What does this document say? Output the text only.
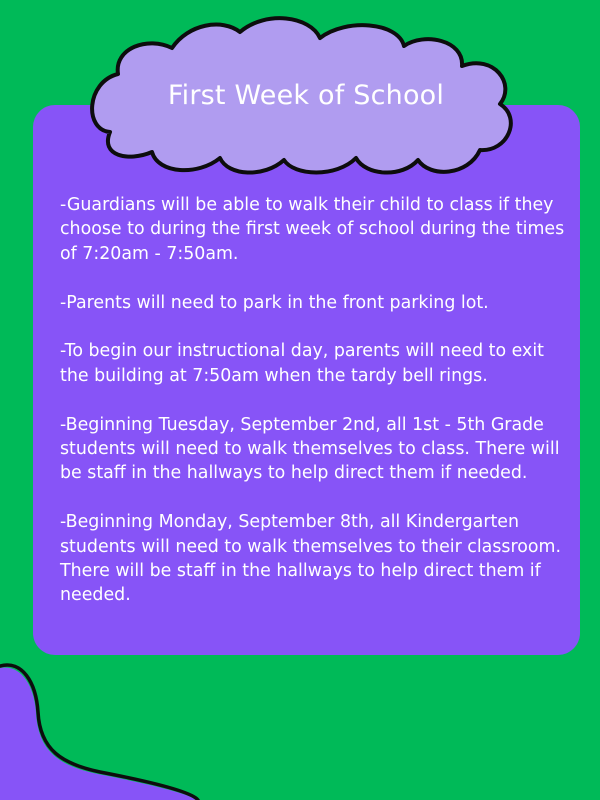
First Week of School

-Guardians will be able to walk their child to class if they choose to during the first week of school during the times of 7:20am - 7:50am.

-Parents will need to park in the front parking lot.

-To begin our instructional day, parents will need to exit the building at 7:50am when the tardy bell rings.

-Beginning Tuesday, September 2nd, all 1st - 5th Grade students will need to walk themselves to class. There will be staff in the hallways to help direct them if needed.

-Beginning Monday, September 8th, all Kindergarten students will need to walk themselves to their classroom. There will be staff in the hallways to help direct them if needed.
